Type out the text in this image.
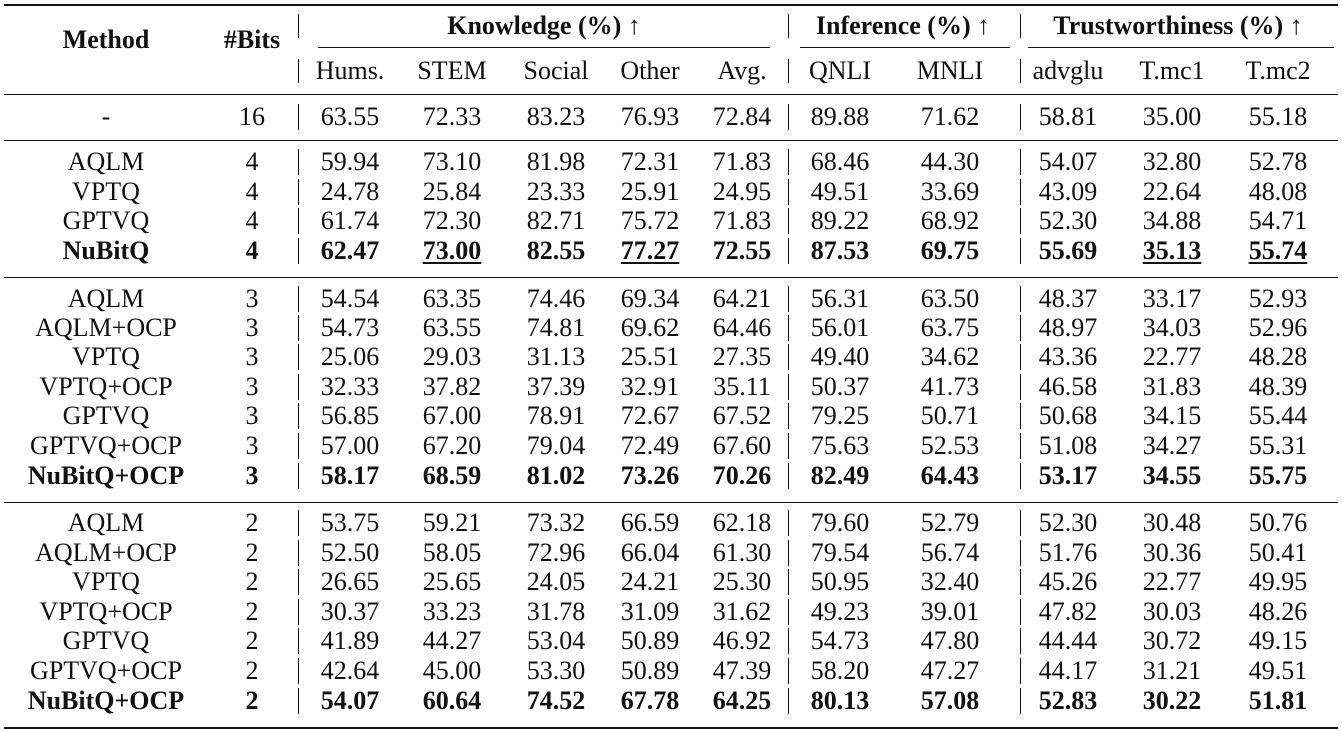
Method	#Bits	Knowledge (%) ↑	Inference (%) ↑ Trustworthiness (%) ↑
Hums. STEM Social Other Avg. QNLI MNLI advglu T.mc1 T.mc2
-	16 63.55 72.33 83.23 76.93 72.84 89.88 71.62 58.81 35.00 55.18
AQLM	4 59.94 73.10 81.98 72.31 71.83 68.46 44.30 54.07 32.80 52.78
VPTQ	4 24.78 25.84 23.33 25.91 24.95 49.51 33.69 43.09 22.64 48.08
GPTVQ	4 61.74 72.30 82.71 75.72 71.83 89.22 68.92 52.30 34.88 54.71
NuBitQ	4 62.47 73.00 82.55 77.27 72.55 87.53 69.75 55.69 35.13 55.74
AQLM	3 54.54 63.35 74.46 69.34 64.21 56.31 63.50 48.37 33.17 52.93
AQLM+OCP	3 54.73 63.55 74.81 69.62 64.46 56.01 63.75 48.97 34.03 52.96
VPTQ	3 25.06 29.03 31.13 25.51 27.35 49.40 34.62 43.36 22.77 48.28
VPTQ+OCP	3 32.33 37.82 37.39 32.91 35.11 50.37 41.73 46.58 31.83 48.39
GPTVQ	3 56.85 67.00 78.91 72.67 67.52 79.25 50.71 50.68 34.15 55.44
GPTVQ+OCP 3 57.00 67.20 79.04 72.49 67.60 75.63 52.53 51.08 34.27 55.31
NuBitQ+OCP 3 58.17 68.59 81.02 73.26 70.26 82.49 64.43 53.17 34.55 55.75
AQLM	2 53.75 59.21 73.32 66.59 62.18 79.60 52.79 52.30 30.48 50.76
AQLM+OCP	2 52.50 58.05 72.96 66.04 61.30 79.54 56.74 51.76 30.36 50.41
VPTQ	2 26.65 25.65 24.05 24.21 25.30 50.95 32.40 45.26 22.77 49.95
VPTQ+OCP	2 30.37 33.23 31.78 31.09 31.62 49.23 39.01 47.82 30.03 48.26
GPTVQ	2 41.89 44.27 53.04 50.89 46.92 54.73 47.80 44.44 30.72 49.15
GPTVQ+OCP 2 42.64 45.00 53.30 50.89 47.39 58.20 47.27 44.17 31.21 49.51
NuBitQ+OCP 2 54.07 60.64 74.52 67.78 64.25 80.13 57.08 52.83 30.22 51.81
